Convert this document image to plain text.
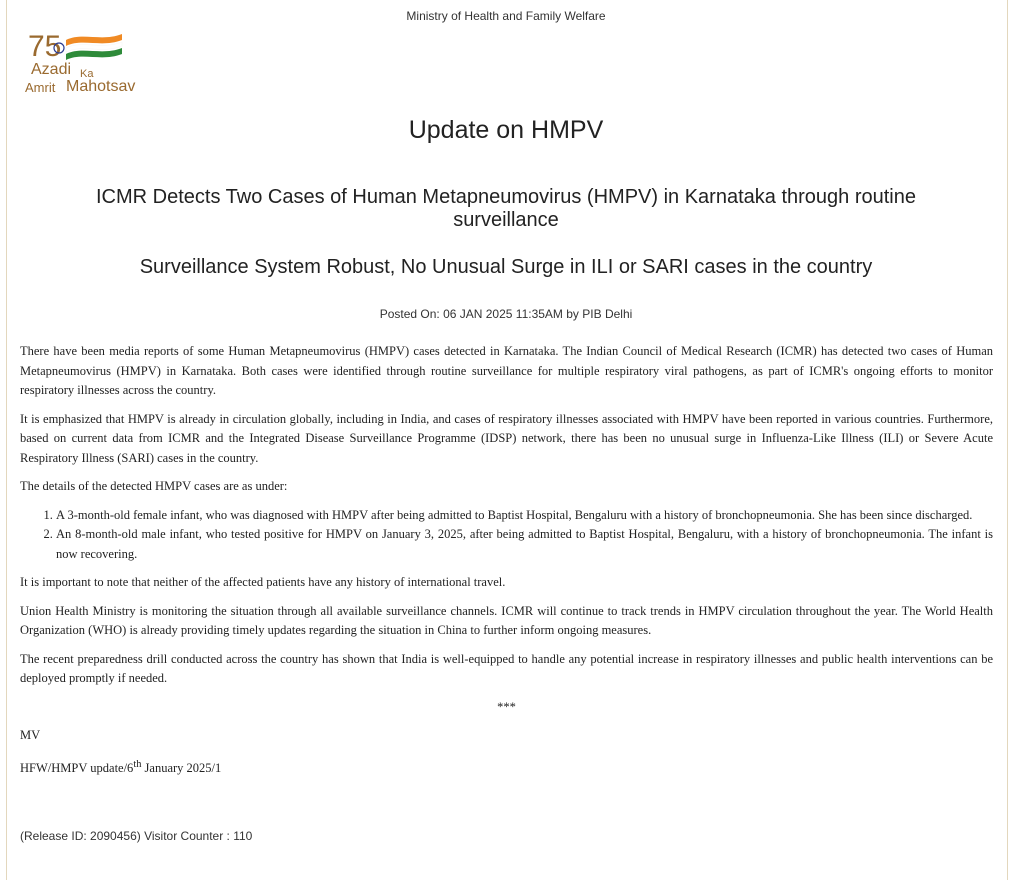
Ministry of Health and Family Welfare
75
Azadi Ka
Amrit Mahotsav
Update on HMPV
ICMR Detects Two Cases of Human Metapneumovirus (HMPV) in Karnataka through routine surveillance
Surveillance System Robust, No Unusual Surge in ILI or SARI cases in the country
Posted On: 06 JAN 2025 11:35AM by PIB Delhi

There have been media reports of some Human Metapneumovirus (HMPV) cases detected in Karnataka. The Indian Council of Medical Research (ICMR) has detected two cases of Human Metapneumovirus (HMPV) in Karnataka. Both cases were identified through routine surveillance for multiple respiratory viral pathogens, as part of ICMR's ongoing efforts to monitor respiratory illnesses across the country.

It is emphasized that HMPV is already in circulation globally, including in India, and cases of respiratory illnesses associated with HMPV have been reported in various countries. Furthermore, based on current data from ICMR and the Integrated Disease Surveillance Programme (IDSP) network, there has been no unusual surge in Influenza-Like Illness (ILI) or Severe Acute Respiratory Illness (SARI) cases in the country.

The details of the detected HMPV cases are as under:

1. A 3-month-old female infant, who was diagnosed with HMPV after being admitted to Baptist Hospital, Bengaluru with a history of bronchopneumonia. She has been since discharged.
2. An 8-month-old male infant, who tested positive for HMPV on January 3, 2025, after being admitted to Baptist Hospital, Bengaluru, with a history of bronchopneumonia. The infant is now recovering.

It is important to note that neither of the affected patients have any history of international travel.

Union Health Ministry is monitoring the situation through all available surveillance channels. ICMR will continue to track trends in HMPV circulation throughout the year. The World Health Organization (WHO) is already providing timely updates regarding the situation in China to further inform ongoing measures.

The recent preparedness drill conducted across the country has shown that India is well-equipped to handle any potential increase in respiratory illnesses and public health interventions can be deployed promptly if needed.

***

MV

HFW/HMPV update/6th January 2025/1

(Release ID: 2090456) Visitor Counter : 110
